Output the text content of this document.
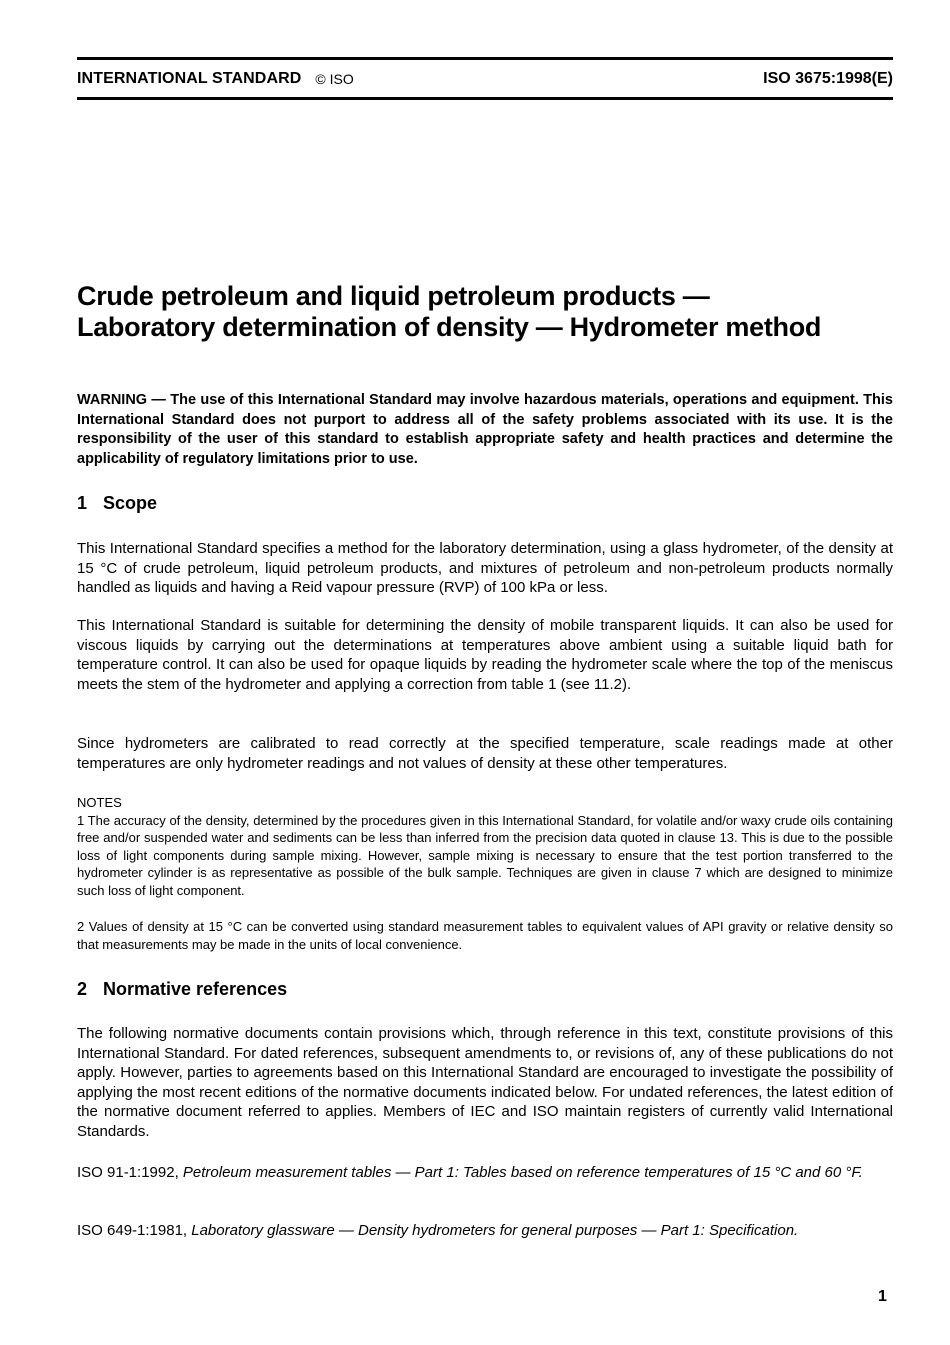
INTERNATIONAL STANDARD © ISO	ISO 3675:1998(E)
Crude petroleum and liquid petroleum products —
Laboratory determination of density — Hydrometer method
WARNING — The use of this International Standard may involve hazardous materials, operations and equipment. This International Standard does not purport to address all of the safety problems associated with its use. It is the responsibility of the user of this standard to establish appropriate safety and health practices and determine the applicability of regulatory limitations prior to use.
1 Scope
This International Standard specifies a method for the laboratory determination, using a glass hydrometer, of the density at 15 °C of crude petroleum, liquid petroleum products, and mixtures of petroleum and non-petroleum products normally handled as liquids and having a Reid vapour pressure (RVP) of 100 kPa or less.
This International Standard is suitable for determining the density of mobile transparent liquids. It can also be used for viscous liquids by carrying out the determinations at temperatures above ambient using a suitable liquid bath for temperature control. It can also be used for opaque liquids by reading the hydrometer scale where the top of the meniscus meets the stem of the hydrometer and applying a correction from table 1 (see 11.2).
Since hydrometers are calibrated to read correctly at the specified temperature, scale readings made at other temperatures are only hydrometer readings and not values of density at these other temperatures.
NOTES
1 The accuracy of the density, determined by the procedures given in this International Standard, for volatile and/or waxy crude oils containing free and/or suspended water and sediments can be less than inferred from the precision data quoted in clause 13. This is due to the possible loss of light components during sample mixing. However, sample mixing is necessary to ensure that the test portion transferred to the hydrometer cylinder is as representative as possible of the bulk sample. Techniques are given in clause 7 which are designed to minimize such loss of light component.
2 Values of density at 15 °C can be converted using standard measurement tables to equivalent values of API gravity or relative density so that measurements may be made in the units of local convenience.
2 Normative references
The following normative documents contain provisions which, through reference in this text, constitute provisions of this International Standard. For dated references, subsequent amendments to, or revisions of, any of these publications do not apply. However, parties to agreements based on this International Standard are encouraged to investigate the possibility of applying the most recent editions of the normative documents indicated below. For undated references, the latest edition of the normative document referred to applies. Members of IEC and ISO maintain registers of currently valid International Standards.
ISO 91-1:1992, Petroleum measurement tables — Part 1: Tables based on reference temperatures of 15 °C and 60 °F.
ISO 649-1:1981, Laboratory glassware — Density hydrometers for general purposes — Part 1: Specification.
1
